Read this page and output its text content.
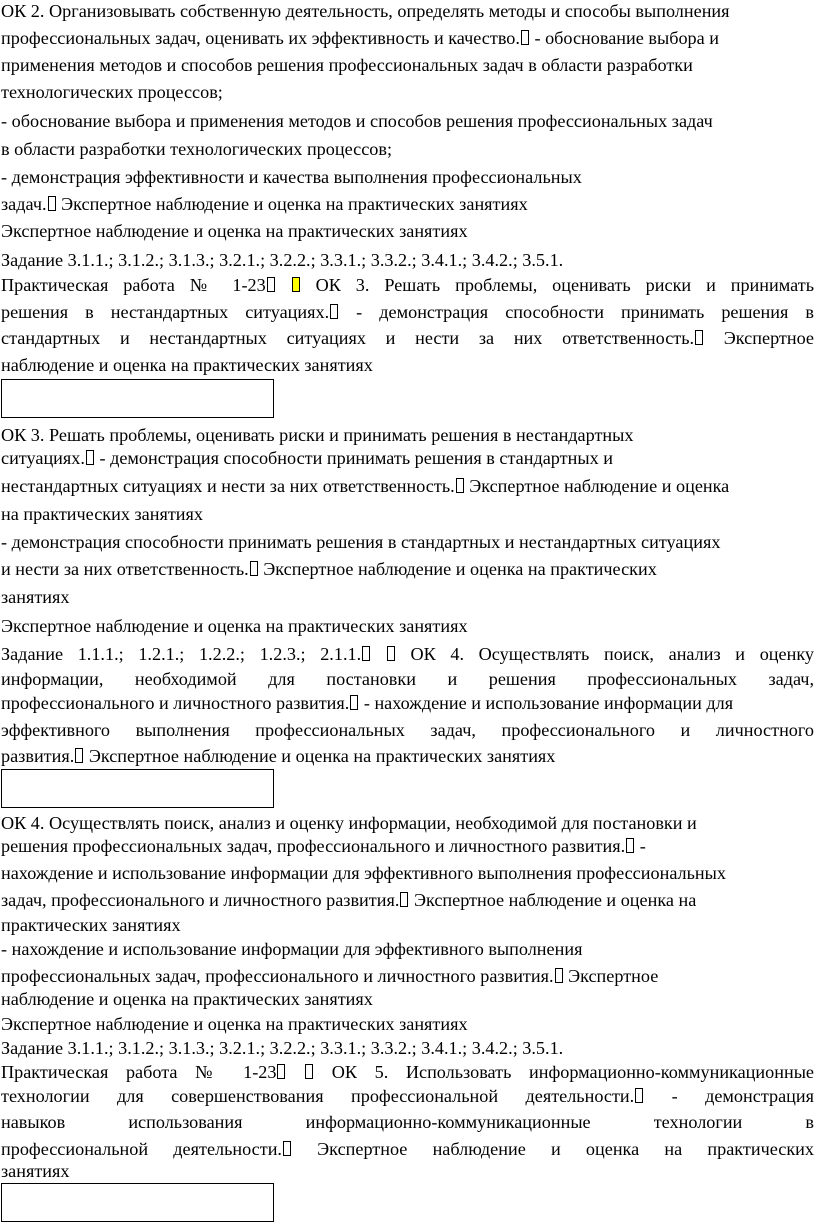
ОК 2. Организовывать собственную деятельность, определять методы и способы выполнения
профессиональных задач, оценивать их эффективность и качество. - обоснование выбора и
применения методов и способов решения профессиональных задач в области разработки
технологических процессов;
- обоснование выбора и применения методов и способов решения профессиональных задач
в области разработки технологических процессов;
- демонстрация эффективности и качества выполнения профессиональных
задач. Экспертное наблюдение и оценка на практических занятиях
Экспертное наблюдение и оценка на практических занятиях
Задание 3.1.1.; 3.1.2.; 3.1.3.; 3.2.1.; 3.2.2.; 3.3.1.; 3.3.2.; 3.4.1.; 3.4.2.; 3.5.1.
Практическая работа № 1-23  ОК 3. Решать проблемы, оценивать риски и принимать
решения в нестандартных ситуациях. - демонстрация способности принимать решения в
стандартных и нестандартных ситуациях и нести за них ответственность. Экспертное
наблюдение и оценка на практических занятиях
ОК 3. Решать проблемы, оценивать риски и принимать решения в нестандартных
ситуациях. - демонстрация способности принимать решения в стандартных и
нестандартных ситуациях и нести за них ответственность. Экспертное наблюдение и оценка
на практических занятиях
- демонстрация способности принимать решения в стандартных и нестандартных ситуациях
и нести за них ответственность. Экспертное наблюдение и оценка на практических
занятиях
Экспертное наблюдение и оценка на практических занятиях
Задание 1.1.1.; 1.2.1.; 1.2.2.; 1.2.3.; 2.1.1.  ОК 4. Осуществлять поиск, анализ и оценку
информации, необходимой для постановки и решения профессиональных задач,
профессионального и личностного развития. - нахождение и использование информации для
эффективного выполнения профессиональных задач, профессионального и личностного
развития. Экспертное наблюдение и оценка на практических занятиях
ОК 4. Осуществлять поиск, анализ и оценку информации, необходимой для постановки и
решения профессиональных задач, профессионального и личностного развития. -
нахождение и использование информации для эффективного выполнения профессиональных
задач, профессионального и личностного развития. Экспертное наблюдение и оценка на
практических занятиях
- нахождение и использование информации для эффективного выполнения
профессиональных задач, профессионального и личностного развития. Экспертное
наблюдение и оценка на практических занятиях
Экспертное наблюдение и оценка на практических занятиях
Задание 3.1.1.; 3.1.2.; 3.1.3.; 3.2.1.; 3.2.2.; 3.3.1.; 3.3.2.; 3.4.1.; 3.4.2.; 3.5.1.
Практическая работа № 1-23  ОК 5. Использовать информационно-коммуникационные
технологии для совершенствования профессиональной деятельности. - демонстрация
навыков использования информационно-коммуникационные технологии в
профессиональной деятельности. Экспертное наблюдение и оценка на практических
занятиях
